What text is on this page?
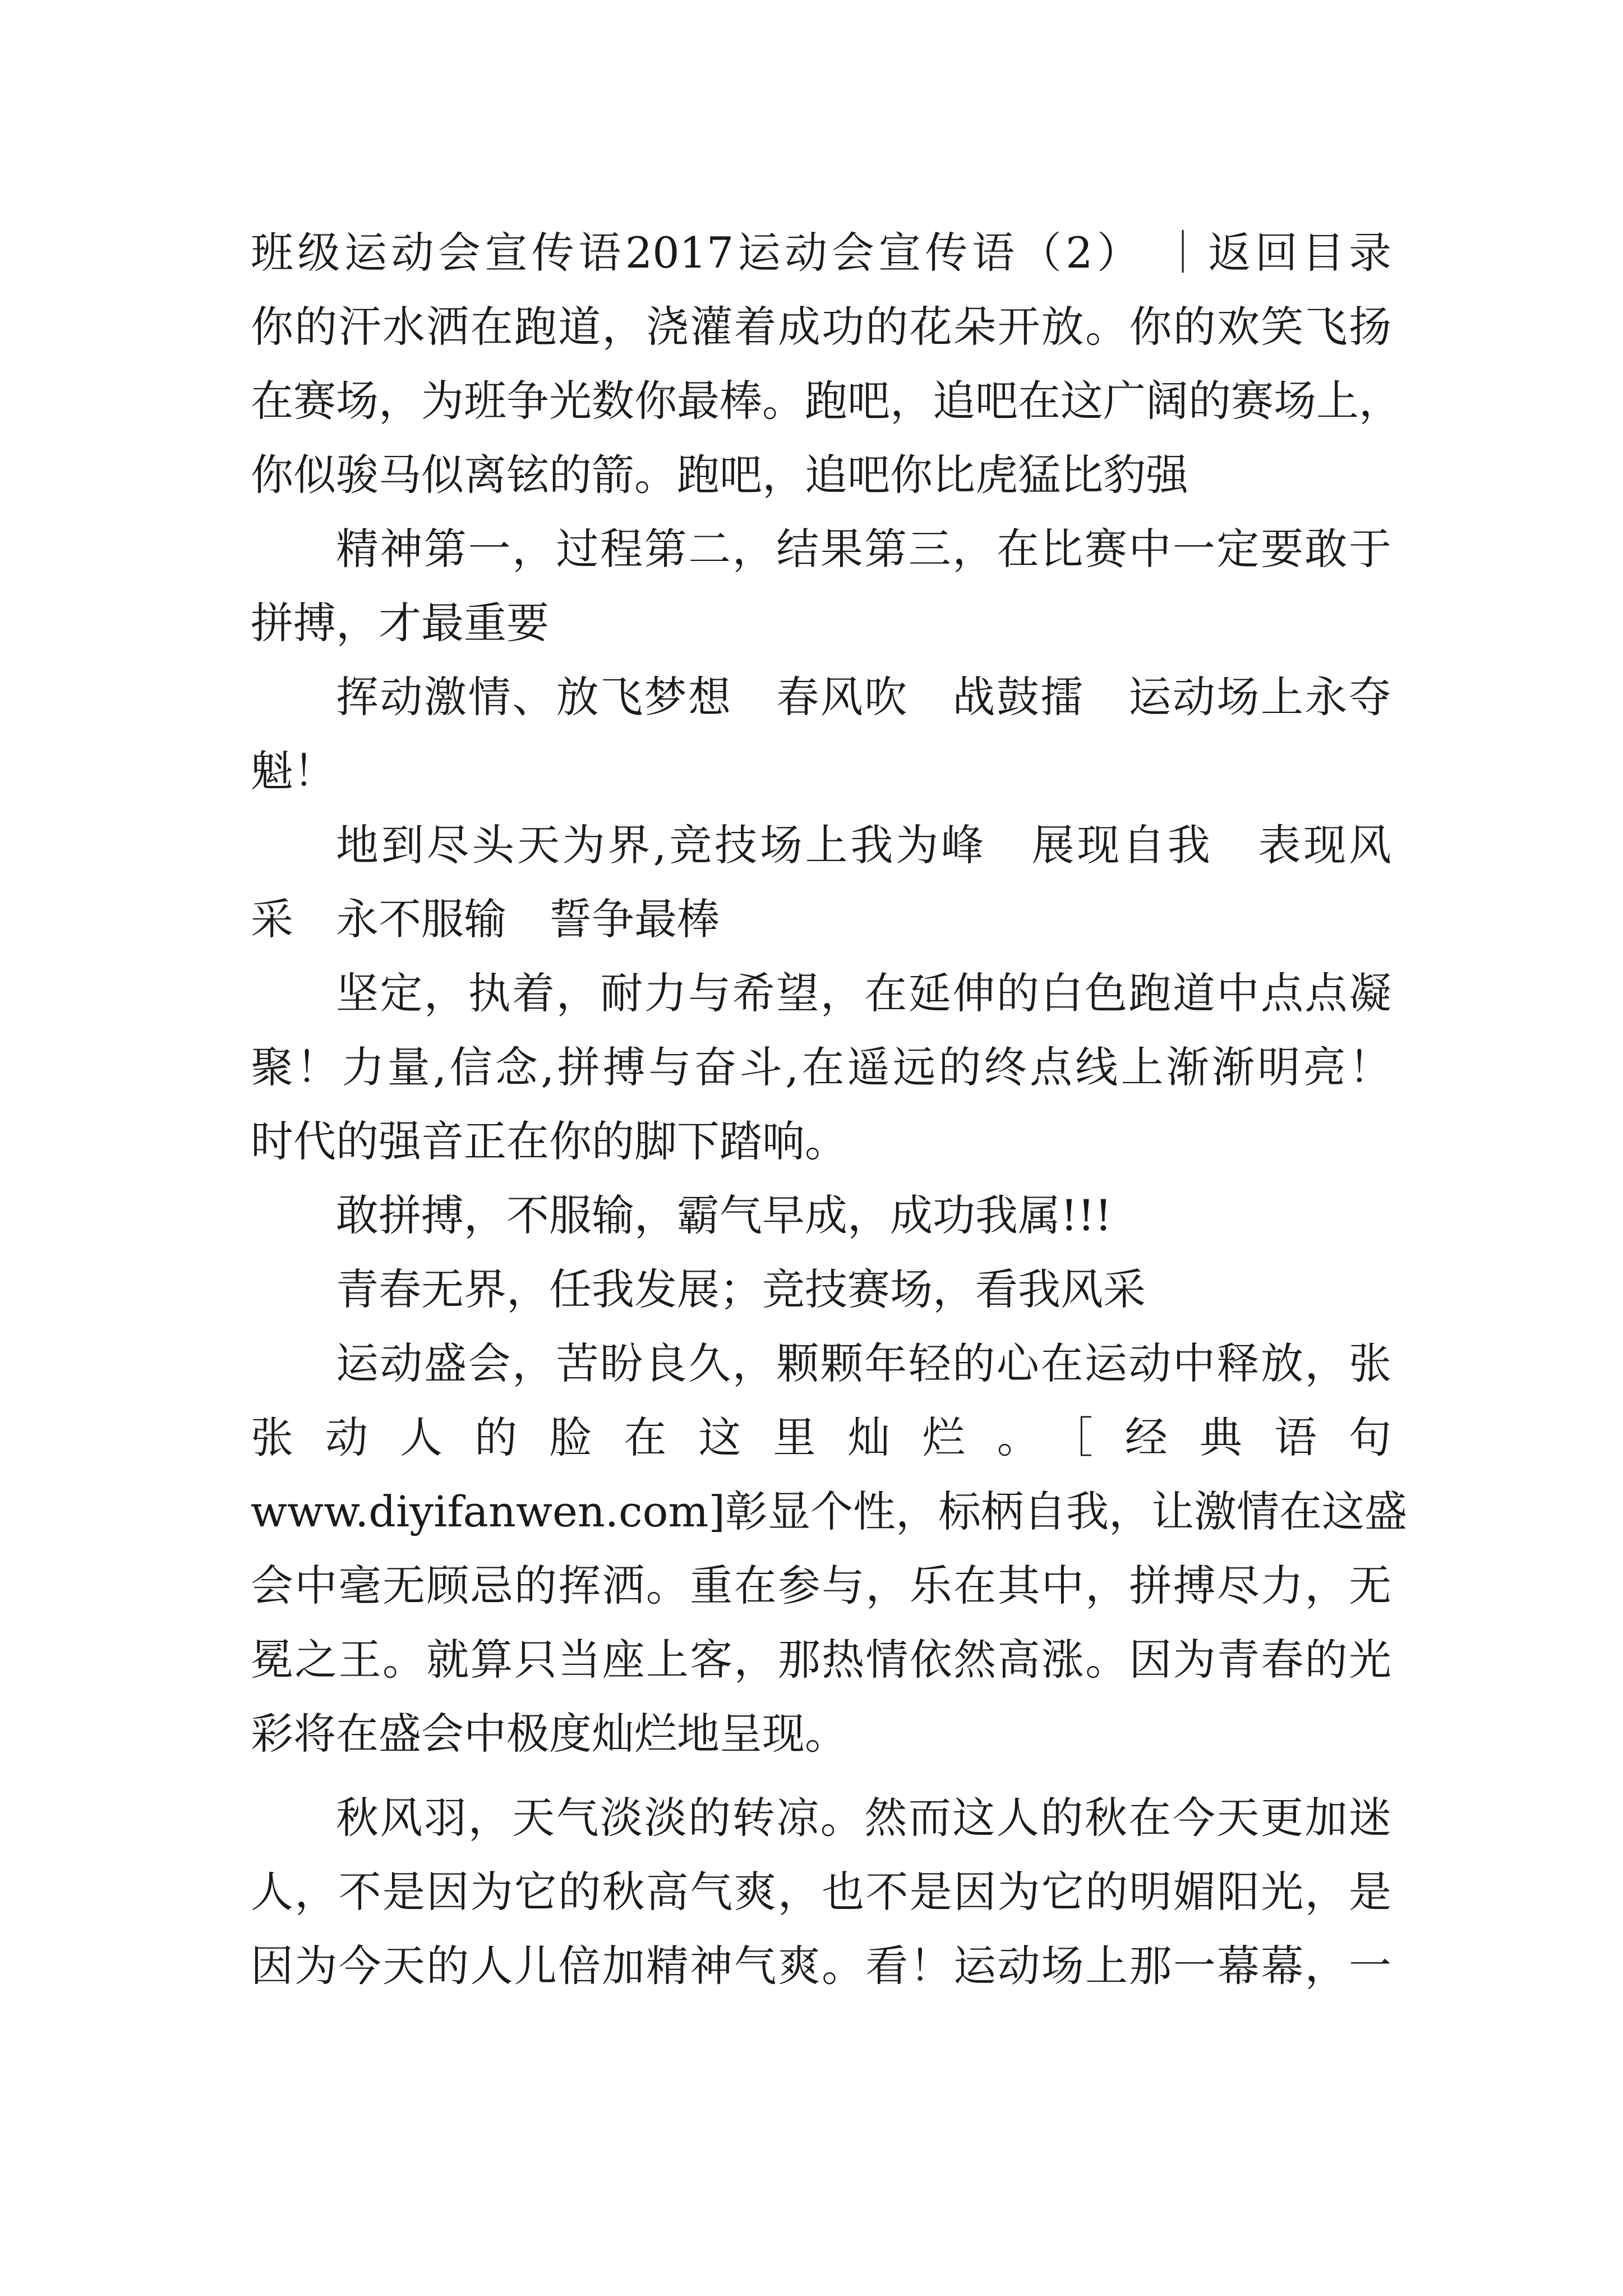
班级运动会宣传语2017运动会宣传语（2） ｜返回目录
你的汗水洒在跑道，浇灌着成功的花朵开放。你的欢笑飞扬
在赛场，为班争光数你最棒。跑吧，追吧在这广阔的赛场上，
你似骏马似离铉的箭。跑吧，追吧你比虎猛比豹强
精神第一，过程第二，结果第三，在比赛中一定要敢于
拼搏，才最重要
挥动激情、放飞梦想　春风吹　战鼓擂　运动场上永夺
魁！
地到尽头天为界,竞技场上我为峰　展现自我　表现风
采　永不服输　誓争最棒
坚定，执着，耐力与希望，在延伸的白色跑道中点点凝
聚！力量,信念,拼搏与奋斗,在遥远的终点线上渐渐明亮！
时代的强音正在你的脚下踏响。
敢拼搏，不服输，霸气早成，成功我属!!!
青春无界，任我发展；竞技赛场，看我风采
运动盛会，苦盼良久，颗颗年轻的心在运动中释放，张
张动人的脸在这里灿烂。［经典语句
www.diyifanwen.com]彰显个性，标柄自我，让激情在这盛
会中毫无顾忌的挥洒。重在参与，乐在其中，拼搏尽力，无
冕之王。就算只当座上客，那热情依然高涨。因为青春的光
彩将在盛会中极度灿烂地呈现。
秋风羽，天气淡淡的转凉。然而这人的秋在今天更加迷
人，不是因为它的秋高气爽，也不是因为它的明媚阳光，是
因为今天的人儿倍加精神气爽。看！运动场上那一幕幕，一
